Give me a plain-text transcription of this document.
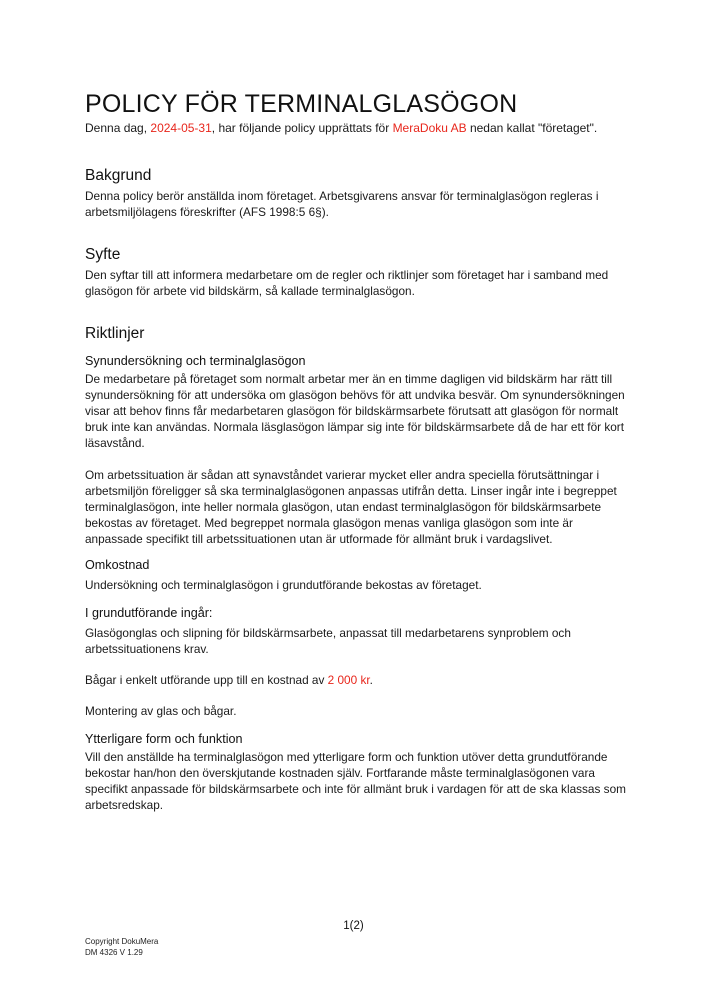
POLICY FÖR TERMINALGLASÖGON

Denna dag, 2024-05-31, har följande policy upprättats för MeraDoku AB nedan kallat "företaget".

Bakgrund

Denna policy berör anställda inom företaget. Arbetsgivarens ansvar för terminalglasögon regleras i arbetsmiljölagens föreskrifter (AFS 1998:5 6§).

Syfte

Den syftar till att informera medarbetare om de regler och riktlinjer som företaget har i samband med glasögon för arbete vid bildskärm, så kallade terminalglasögon.

Riktlinjer
Synundersökning och terminalglasögon

De medarbetare på företaget som normalt arbetar mer än en timme dagligen vid bildskärm har rätt till synundersökning för att undersöka om glasögon behövs för att undvika besvär. Om synundersökningen visar att behov finns får medarbetaren glasögon för bildskärmsarbete förutsatt att glasögon för normalt bruk inte kan användas. Normala läsglasögon lämpar sig inte för bildskärmsarbete då de har ett för kort läsavstånd.

Om arbetssituation är sådan att synavståndet varierar mycket eller andra speciella förutsättningar i arbetsmiljön föreligger så ska terminalglasögonen anpassas utifrån detta. Linser ingår inte i begreppet terminalglasögon, inte heller normala glasögon, utan endast terminalglasögon för bildskärmsarbete bekostas av företaget. Med begreppet normala glasögon menas vanliga glasögon som inte är anpassade specifikt till arbetssituationen utan är utformade för allmänt bruk i vardagslivet.

Omkostnad

Undersökning och terminalglasögon i grundutförande bekostas av företaget.

I grundutförande ingår:

Glasögonglas och slipning för bildskärmsarbete, anpassat till medarbetarens synproblem och arbetssituationens krav.

Bågar i enkelt utförande upp till en kostnad av 2 000 kr.

Montering av glas och bågar.

Ytterligare form och funktion

Vill den anställde ha terminalglasögon med ytterligare form och funktion utöver detta grundutförande bekostar han/hon den överskjutande kostnaden själv. Fortfarande måste terminalglasögonen vara specifikt anpassade för bildskärmsarbete och inte för allmänt bruk i vardagen för att de ska klassas som arbetsredskap.

1(2)
Copyright DokuMera
DM 4326 V 1.29
